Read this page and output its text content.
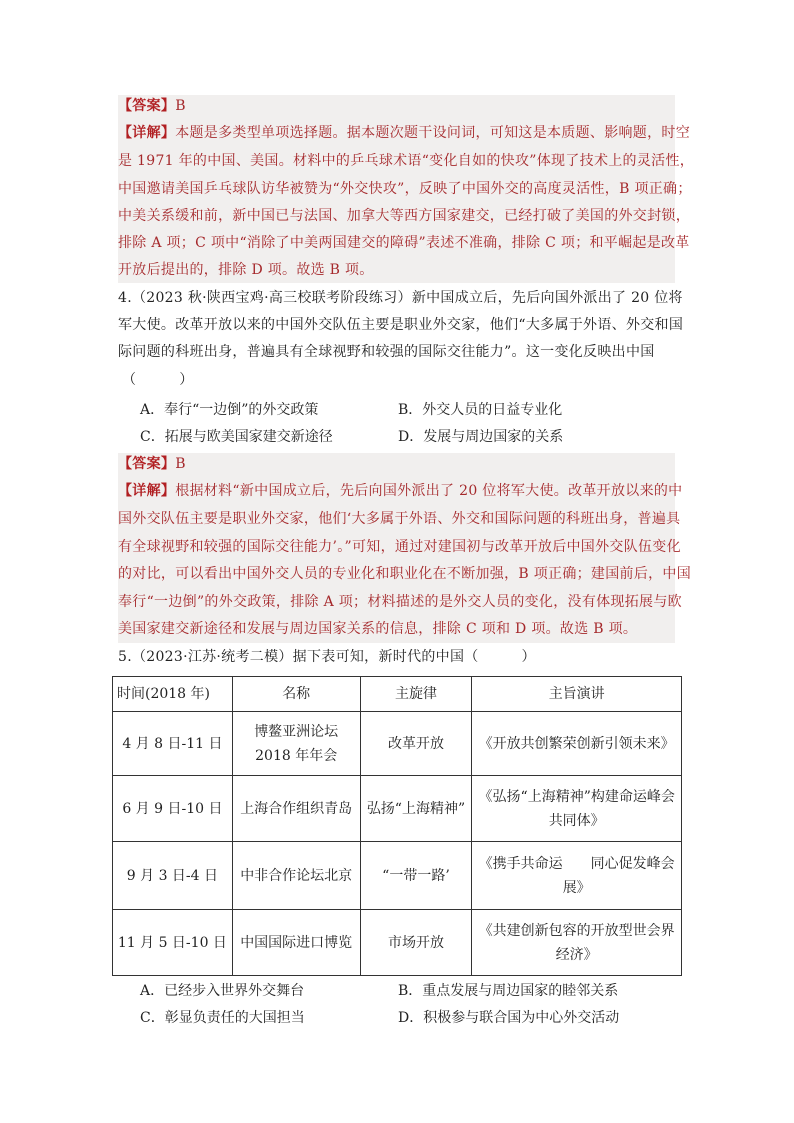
【答案】B
【详解】本题是多类型单项选择题。据本题次题干设问词，可知这是本质题、影响题，时空
是 1971 年的中国、美国。材料中的乒乓球术语“变化自如的快攻”体现了技术上的灵活性，
中国邀请美国乒乓球队访华被赞为“外交快攻”，反映了中国外交的高度灵活性，B 项正确；
中美关系缓和前，新中国已与法国、加拿大等西方国家建交，已经打破了美国的外交封锁，
排除 A 项；C 项中“消除了中美两国建交的障碍”表述不准确，排除 C 项；和平崛起是改革
开放后提出的，排除 D 项。故选 B 项。
4.（2023 秋·陕西宝鸡·高三校联考阶段练习）新中国成立后，先后向国外派出了 20 位将
军大使。改革开放以来的中国外交队伍主要是职业外交家，他们“大多属于外语、外交和国
际问题的科班出身，普遍具有全球视野和较强的国际交往能力”。这一变化反映出中国
（　　　）
A．奉行“一边倒”的外交政策	B．外交人员的日益专业化
C．拓展与欧美国家建交新途径	D．发展与周边国家的关系
【答案】B
【详解】根据材料“新中国成立后，先后向国外派出了 20 位将军大使。改革开放以来的中
国外交队伍主要是职业外交家，他们‘大多属于外语、外交和国际问题的科班出身，普遍具
有全球视野和较强的国际交往能力’。”可知，通过对建国初与改革开放后中国外交队伍变化
的对比，可以看出中国外交人员的专业化和职业化在不断加强，B 项正确；建国前后，中国
奉行“一边倒”的外交政策，排除 A 项；材料描述的是外交人员的变化，没有体现拓展与欧
美国家建交新途径和发展与周边国家关系的信息，排除 C 项和 D 项。故选 B 项。
5.（2023·江苏·统考二模）据下表可知，新时代的中国（　　　）
时间(2018 年)	名称	主旋律	主旨演讲
4 月 8 日-11 日	博鳌亚洲论坛 2018 年年会	改革开放	《开放共创繁荣创新引领未来》
6 月 9 日-10 日	上海合作组织青岛	弘扬“上海精神”	《弘扬“上海精神”构建命运峰会共同体》
9 月 3 日-4 日	中非合作论坛北京	“一带一路’	《携手共命运　　同心促发峰会展》
11 月 5 日-10 日	中国国际进口博览	市场开放	《共建创新包容的开放型世会界经济》
A．已经步入世界外交舞台	B．重点发展与周边国家的睦邻关系
C．彰显负责任的大国担当	D．积极参与联合国为中心外交活动
